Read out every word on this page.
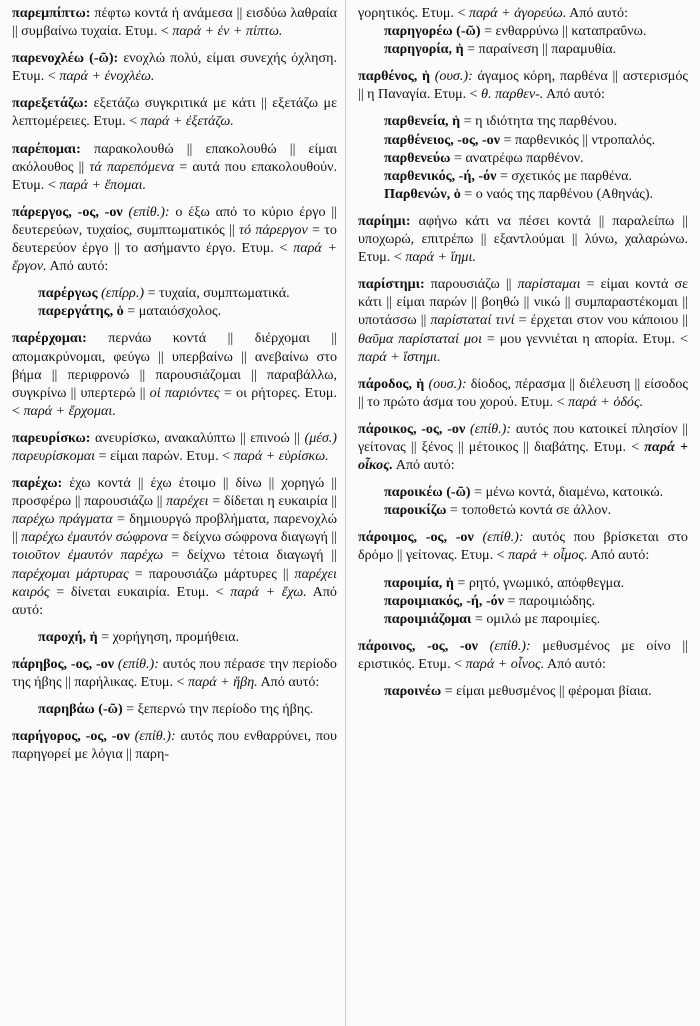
παρεμπίπτω: πέφτω κοντά ή ανάμεσα || εισδύω λαθραία || συμβαίνω τυχαία. Ετυμ. < παρά + έν + πίπτω.
παρενοχλέω (-ῶ): ενοχλώ πολύ, είμαι συνεχής όχληση. Ετυμ. < παρά + ένοχλέω.
παρεξετάζω: εξετάζω συγκριτικά με κάτι || εξετάζω με λεπτομέρειες. Ετυμ. < παρά + ἐξετάζω.
παρέπομαι: παρακολουθώ || επακολουθώ || είμαι ακόλουθος || τά παρεπόμενα = αυτά που επακολουθούν. Ετυμ. < παρά + ἕπομαι.
πάρεργος, -ος, -ον (επίθ.): ο έξω από το κύριο έργο || δευτερεύων, τυχαίος, συμπτωματικός || τό πάρεργον = το δευτερεύον έργο || το ασήμαντο έργο. Ετυμ. < παρά + ἔργον. Από αυτό:
παρέργως (επίρρ.) = τυχαία, συμπτωματικά.
παρεργάτης, ὁ = ματαιόσχολος.
παρέρχομαι: περνάω κοντά || διέρχομαι || απομακρύνομαι, φεύγω || υπερβαίνω || ανεβαίνω στο βήμα || περιφρονώ || παρουσιάζομαι || παραβάλλω, συγκρίνω || υπερτερώ || οἱ παριόντες = οι ρήτορες. Ετυμ. < παρά + ἔρχομαι.
παρευρίσκω: ανευρίσκω, ανακαλύπτω || επινοώ || (μέσ.) παρευρίσκομαι = είμαι παρών. Ετυμ. < παρά + εὑρίσκω.
παρέχω: έχω κοντά || έχω έτοιμο || δίνω || χορηγώ || προσφέρω || παρουσιάζω || παρέχει = δίδεται η ευκαιρία || παρέχω πράγματα = δημιουργώ προβλήματα, παρενοχλώ || παρέχω ἐμαυτόν σώφρονα = δείχνω σώφρονα διαγωγή || τοιοῦτον ἐμαυτόν παρέχω = δείχνω τέτοια διαγωγή || παρέχομαι μάρτυρας = παρουσιάζω μάρτυρες || παρέχει καιρός = δίνεται ευκαιρία. Ετυμ. < παρά + ἔχω. Από αυτό:
παροχή, ἡ = χορήγηση, προμήθεια.
πάρηβος, -ος, -ον (επίθ.): αυτός που πέρασε την περίοδο της ήβης || παρήλικας. Ετυμ. < παρά + ἥβη. Από αυτό:
παρηβάω (-ῶ) = ξεπερνώ την περίοδο της ήβης.
παρήγορος, -ος, -ον (επίθ.): αυτός που ενθαρρύνει, που παρηγορεί με λόγια || παρη-
γορητικός. Ετυμ. < παρά + ἀγορεύω. Από αυτό:
παρηγορέω (-ῶ) = ενθαρρύνω || καταπραΰνω.
παρηγορία, ἡ = παραίνεση || παραμυθία.
παρθένος, ἡ (ουσ.): άγαμος κόρη, παρθένα || αστερισμός || η Παναγία. Ετυμ. < θ. παρθεν-. Από αυτό:
παρθενεία, ἡ = η ιδιότητα της παρθένου.
παρθένειος, -ος, -ον = παρθενικός || ντροπαλός.
παρθενεύω = ανατρέφω παρθένον.
παρθενικός, -ή, -όν = σχετικός με παρθένα.
Παρθενών, ὁ = ο ναός της παρθένου (Αθηνάς).
παρίημι: αφήνω κάτι να πέσει κοντά || παραλείπω || υποχωρώ, επιτρέπω || εξαντλούμαι || λύνω, χαλαρώνω. Ετυμ. < παρά + ἵημι.
παρίστημι: παρουσιάζω || παρίσταμαι = είμαι κοντά σε κάτι || είμαι παρών || βοηθώ || νικώ || συμπαραστέκομαι || υποτάσσω || παρίσταταί τινί = έρχεται στον νου κάποιου || θαῦμα παρίσταταί μοι = μου γεννιέται η απορία. Ετυμ. < παρά + ἵστημι.
πάροδος, ἡ (ουσ.): δίοδος, πέρασμα || διέλευση || είσοδος || το πρώτο άσμα του χορού. Ετυμ. < παρά + ὁδός.
πάροικος, -ος, -ον (επίθ.): αυτός που κατοικεί πλησίον || γείτονας || ξένος || μέτοικος || διαβάτης. Ετυμ. < παρά + οἶκος. Από αυτό:
παροικέω (-ῶ) = μένω κοντά, διαμένω, κατοικώ.
παροικίζω = τοποθετώ κοντά σε άλλον.
πάροιμος, -ος, -ον (επίθ.): αυτός που βρίσκεται στο δρόμο || γείτονας. Ετυμ. < παρά + οἶμος. Από αυτό:
παροιμία, ἡ = ρητό, γνωμικό, απόφθεγμα.
παροιμιακός, -ή, -όν = παροιμιώδης.
παροιμιάζομαι = ομιλώ με παροιμίες.
πάροινος, -ος, -ον (επίθ.): μεθυσμένος με οίνο || εριστικός. Ετυμ. < παρά + οἶνος. Από αυτό:
παροινέω = είμαι μεθυσμένος || φέρομαι βίαια.
